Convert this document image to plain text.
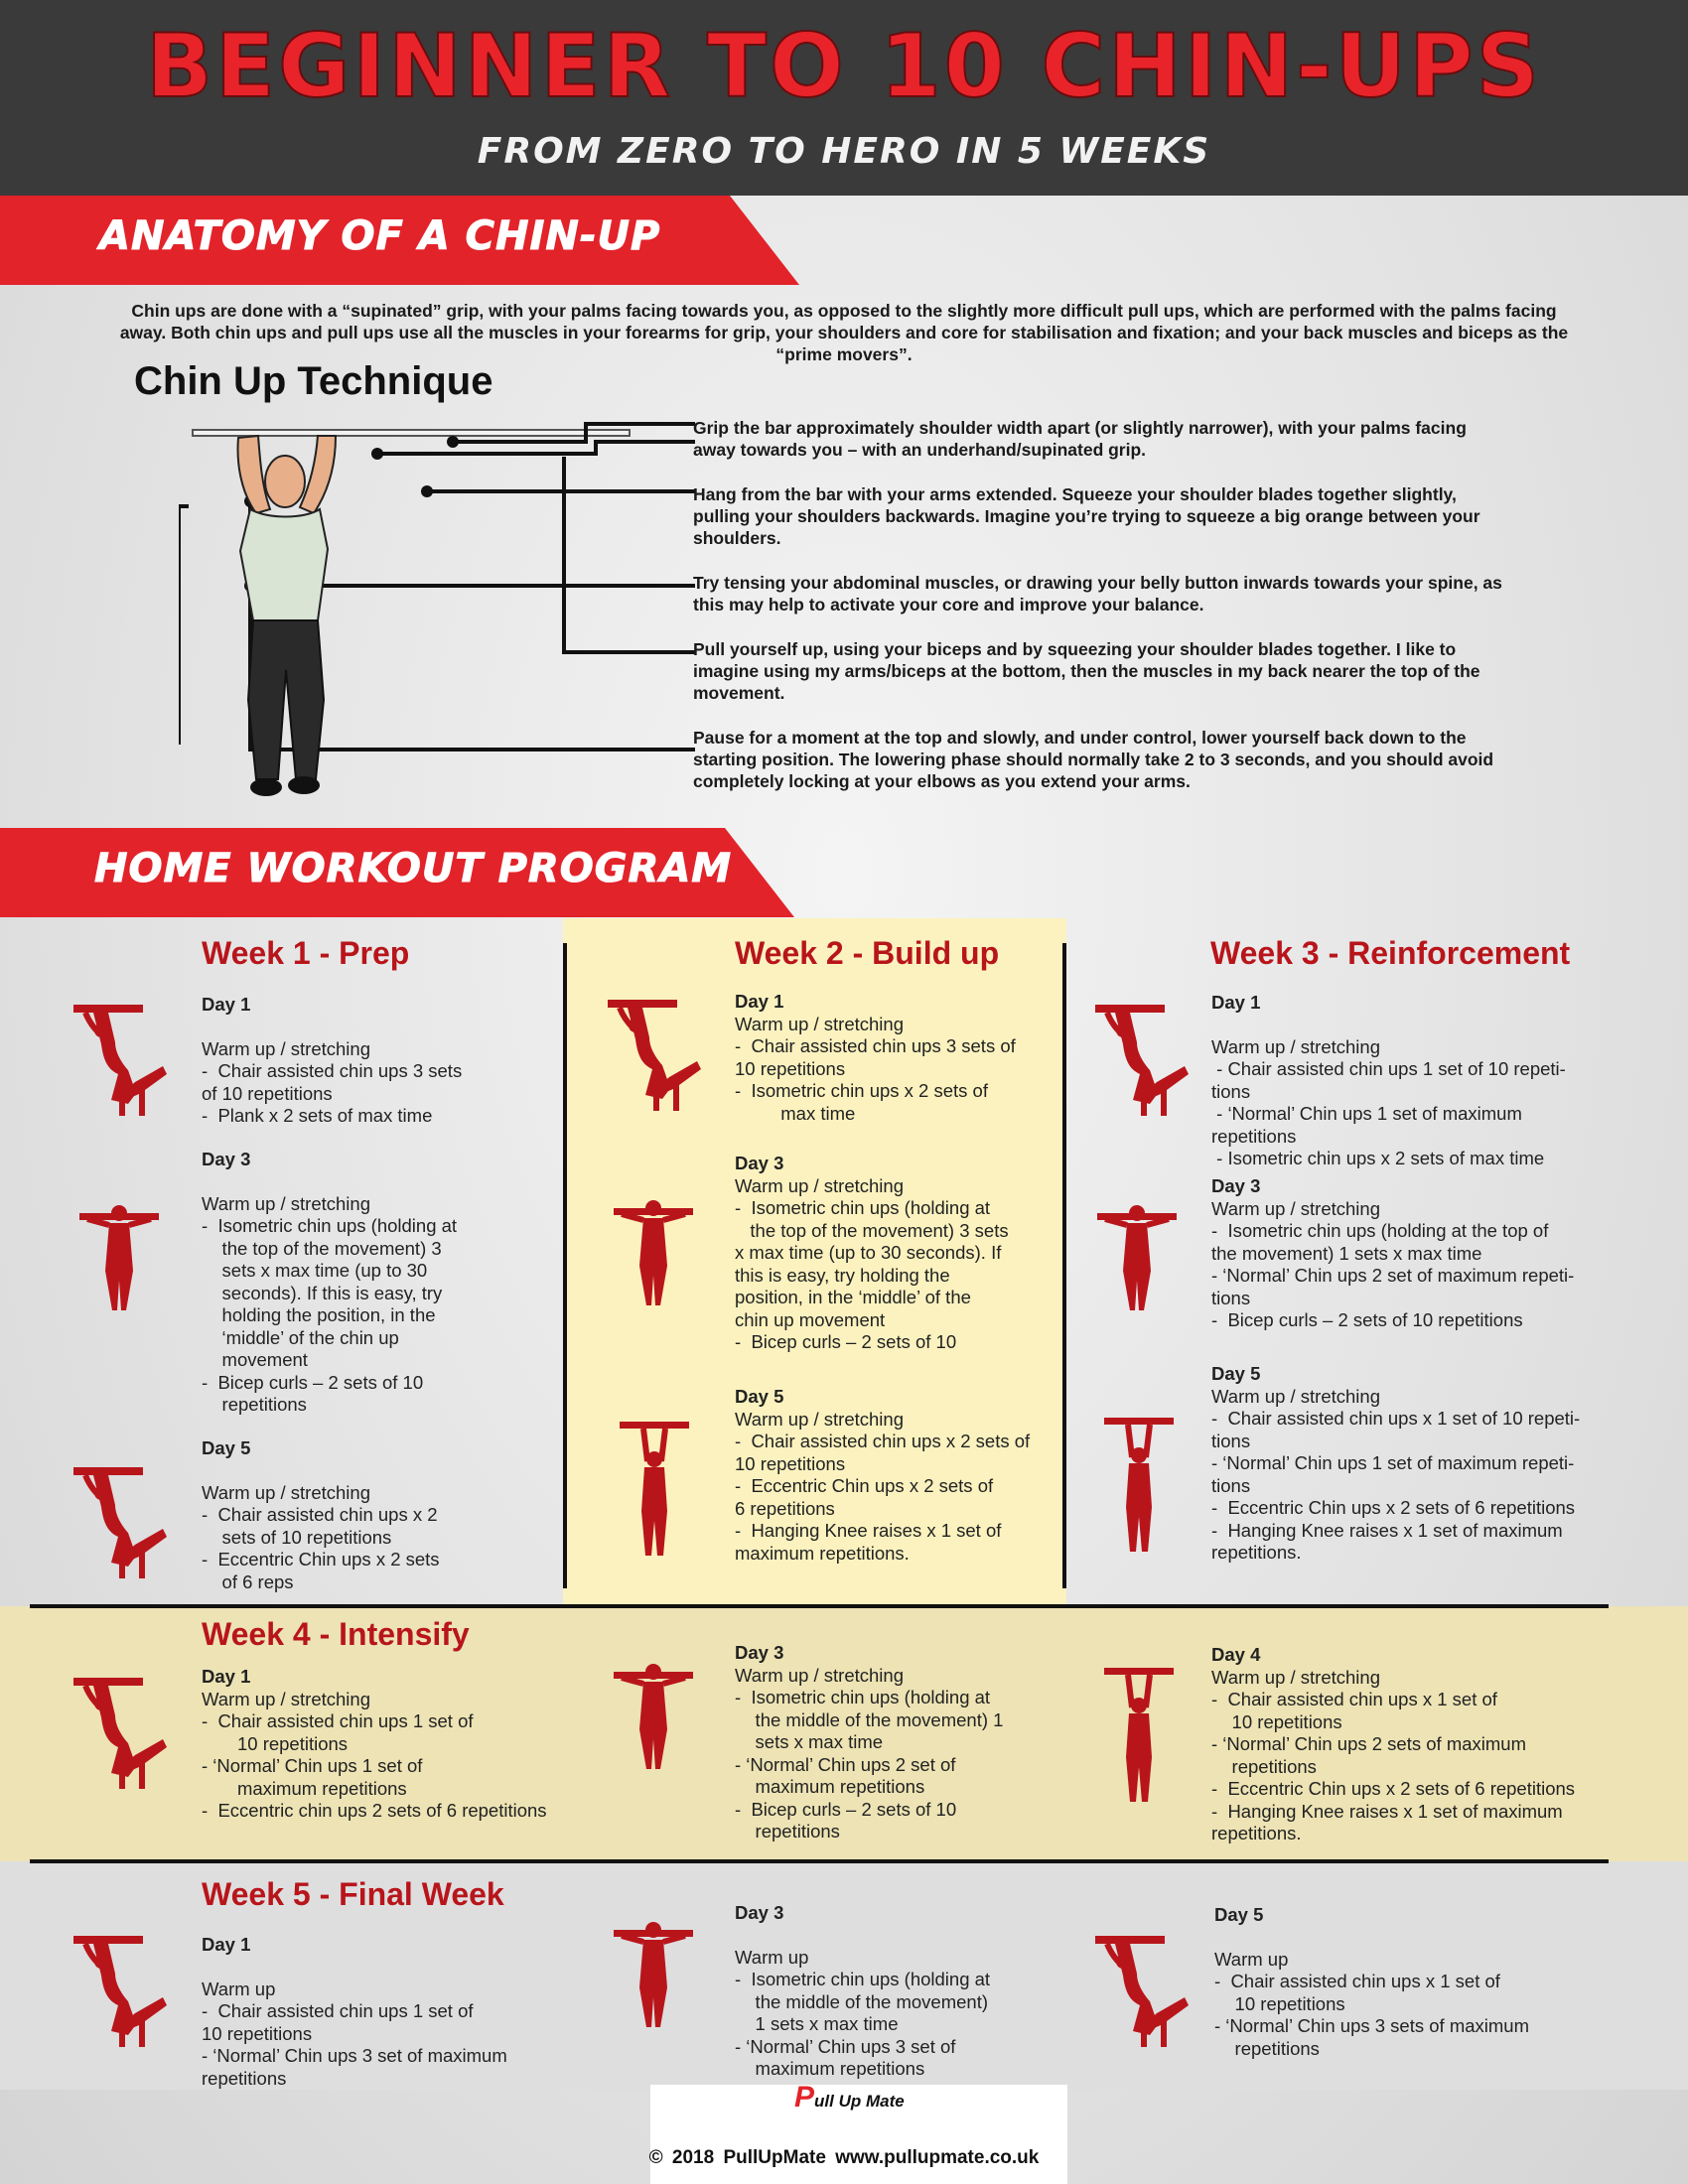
BEGINNER TO 10 CHIN-UPS
FROM ZERO TO HERO IN 5 WEEKS
ANATOMY OF A CHIN-UP
Chin ups are done with a “supinated” grip, with your palms facing towards you, as opposed to the slightly more difficult pull ups, which are performed with the palms facing away. Both chin ups and pull ups use all the muscles in your forearms for grip, your shoulders and core for stabilisation and fixation; and your back muscles and biceps as the “prime movers”.
Chin Up Technique
Grip the bar approximately shoulder width apart (or slightly narrower), with your palms facing away towards you – with an underhand/supinated grip.
Hang from the bar with your arms extended. Squeeze your shoulder blades together slightly, pulling your shoulders backwards. Imagine you’re trying to squeeze a big orange between your shoulders.
Try tensing your abdominal muscles, or drawing your belly button inwards towards your spine, as this may help to activate your core and improve your balance.
Pull yourself up, using your biceps and by squeezing your shoulder blades together. I like to imagine using my arms/biceps at the bottom, then the muscles in my back nearer the top of the movement.
Pause for a moment at the top and slowly, and under control, lower yourself back down to the starting position. The lowering phase should normally take 2 to 3 seconds, and you should avoid completely locking at your elbows as you extend your arms.
HOME WORKOUT PROGRAM
Week 1 - Prep	Week 2 - Build up	Week 3 - Reinforcement
Week 4 - Intensify
Week 5 - Final Week
Day 1
Warm up / stretching
-  Chair assisted chin ups 3 sets
of 10 repetitions
-  Plank x 2 sets of max time
Day 3
Warm up / stretching
-  Isometric chin ups (holding at
the top of the movement) 3
sets x max time (up to 30
seconds). If this is easy, try
holding the position, in the
‘middle’ of the chin up
movement
-  Bicep curls – 2 sets of 10
repetitions
Day 5
Warm up / stretching
-  Chair assisted chin ups x 2
sets of 10 repetitions
-  Eccentric Chin ups x 2 sets
of 6 reps
Day 1
Warm up / stretching
-  Chair assisted chin ups 3 sets of
10 repetitions
-  Isometric chin ups x 2 sets of
max time
Day 3
Warm up / stretching
-  Isometric chin ups (holding at
the top of the movement) 3 sets
x max time (up to 30 seconds). If
this is easy, try holding the
position, in the ‘middle’ of the
chin up movement
-  Bicep curls – 2 sets of 10
Day 5
Warm up / stretching
-  Chair assisted chin ups x 2 sets of
10 repetitions
-  Eccentric Chin ups x 2 sets of
6 repetitions
-  Hanging Knee raises x 1 set of
maximum repetitions.
Day 1
Warm up / stretching
- Chair assisted chin ups 1 set of 10 repeti-
tions
- ‘Normal’ Chin ups 1 set of maximum
repetitions
- Isometric chin ups x 2 sets of max time
Day 3
Warm up / stretching
-  Isometric chin ups (holding at the top of
the movement) 1 sets x max time
- ‘Normal’ Chin ups 2 set of maximum repeti-
tions
-  Bicep curls – 2 sets of 10 repetitions
Day 5
Warm up / stretching
-  Chair assisted chin ups x 1 set of 10 repeti-
tions
- ‘Normal’ Chin ups 1 set of maximum repeti-
tions
-  Eccentric Chin ups x 2 sets of 6 repetitions
-  Hanging Knee raises x 1 set of maximum
repetitions.
Day 1
Warm up / stretching
-  Chair assisted chin ups 1 set of
10 repetitions
- ‘Normal’ Chin ups 1 set of
maximum repetitions
-  Eccentric chin ups 2 sets of 6 repetitions
Day 3
Warm up / stretching
-  Isometric chin ups (holding at
the middle of the movement) 1
sets x max time
- ‘Normal’ Chin ups 2 set of
maximum repetitions
-  Bicep curls – 2 sets of 10
repetitions
Day 4
Warm up / stretching
-  Chair assisted chin ups x 1 set of
10 repetitions
- ‘Normal’ Chin ups 2 sets of maximum
repetitions
-  Eccentric Chin ups x 2 sets of 6 repetitions
-  Hanging Knee raises x 1 set of maximum
repetitions.
Day 1
Warm up
-  Chair assisted chin ups 1 set of
10 repetitions
- ‘Normal’ Chin ups 3 set of maximum
repetitions
Day 3
Warm up
-  Isometric chin ups (holding at
the middle of the movement)
1 sets x max time
- ‘Normal’ Chin ups 3 set of
maximum repetitions
Day 5
Warm up
-  Chair assisted chin ups x 1 set of
10 repetitions
- ‘Normal’ Chin ups 3 sets of maximum
repetitions
Pull Up Mate
© 2018 PullUpMate www.pullupmate.co.uk
